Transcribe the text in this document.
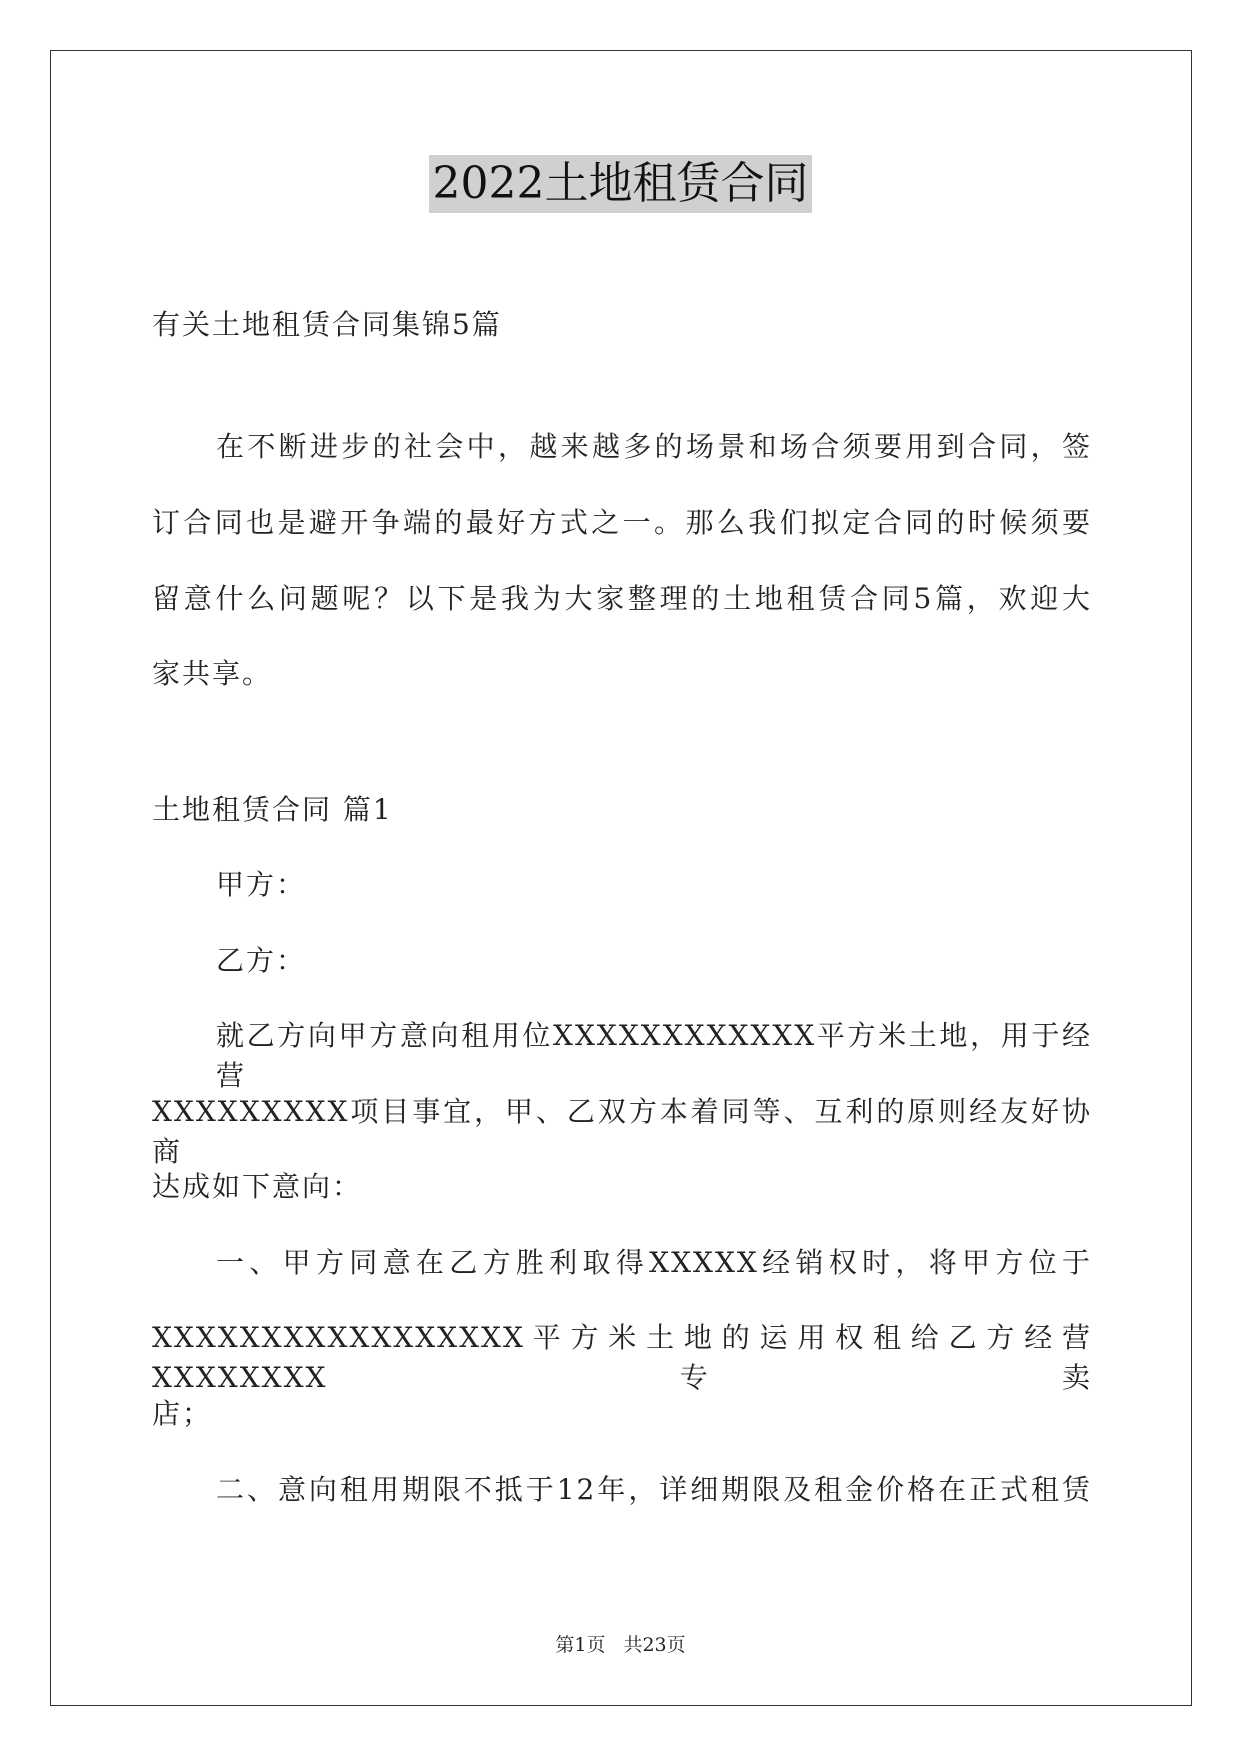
2022土地租赁合同
有关土地租赁合同集锦5篇
在不断进步的社会中，越来越多的场景和场合须要用到合同，签
订合同也是避开争端的最好方式之一。那么我们拟定合同的时候须要
留意什么问题呢？以下是我为大家整理的土地租赁合同5篇，欢迎大
家共享。
土地租赁合同 篇1
甲方：
乙方：
就乙方向甲方意向租用位XXXXXXXXXXXX平方米土地，用于经营
XXXXXXXXX项目事宜，甲、乙双方本着同等、互利的原则经友好协商
达成如下意向：
一、甲方同意在乙方胜利取得XXXXX经销权时，将甲方位于
XXXXXXXXXXXXXXXXX平方米土地的运用权租给乙方经营XXXXXXXX专卖
店；
二、意向租用期限不抵于12年，详细期限及租金价格在正式租赁
第1页 共23页
